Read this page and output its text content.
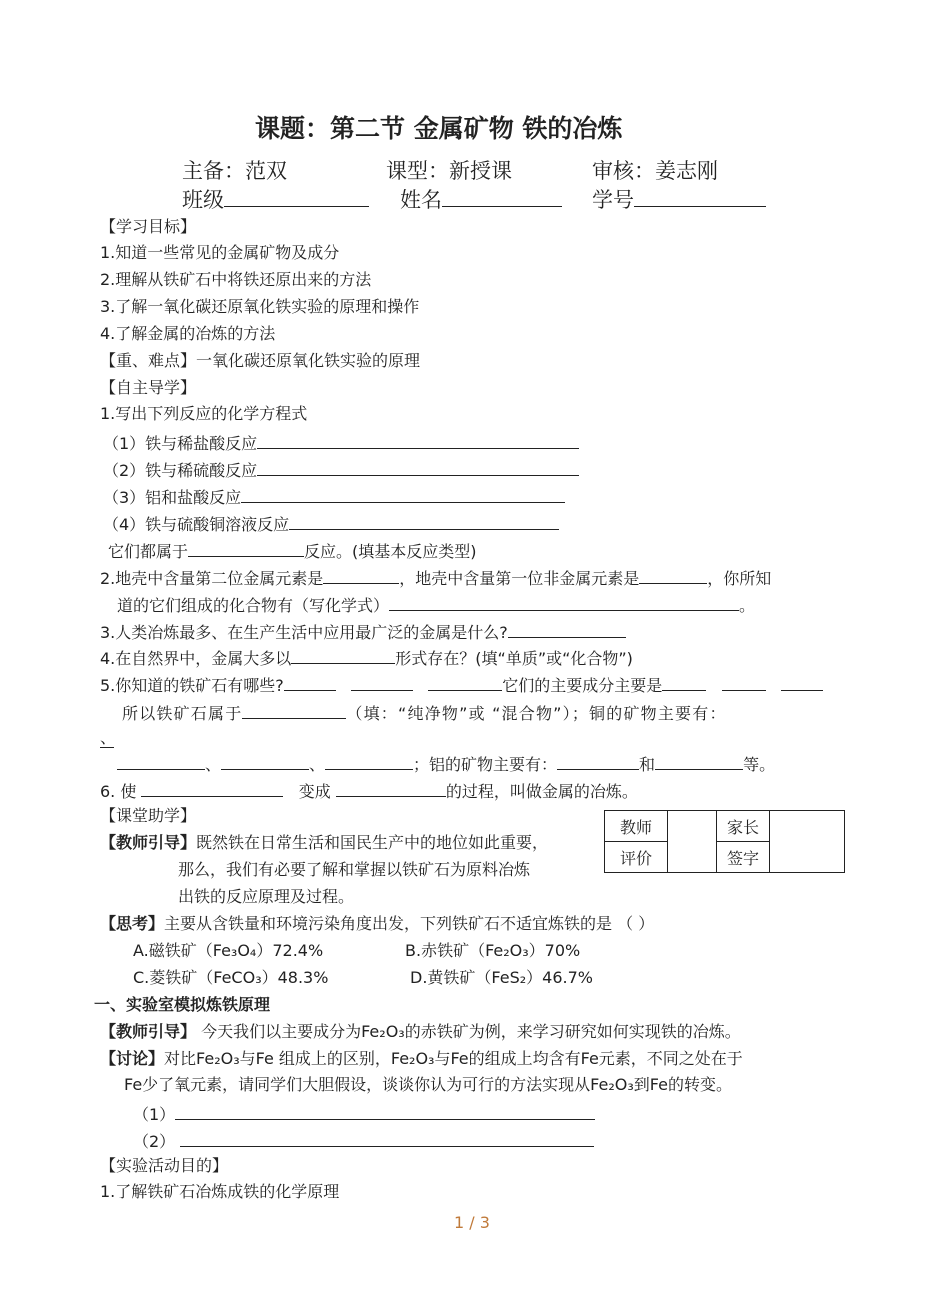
课题：第二节 金属矿物 铁的冶炼
主备：范双	课型：新授课	审核：姜志刚
班级	姓名	学号
【学习目标】
1.知道一些常见的金属矿物及成分
2.理解从铁矿石中将铁还原出来的方法
3.了解一氧化碳还原氧化铁实验的原理和操作
4.了解金属的冶炼的方法
【重、难点】一氧化碳还原氧化铁实验的原理
【自主导学】
1.写出下列反应的化学方程式
（1）铁与稀盐酸反应
（2）铁与稀硫酸反应
（3）铝和盐酸反应
（4）铁与硫酸铜溶液反应
它们都属于	反应。(填基本反应类型)
2.地壳中含量第二位金属元素是	，地壳中含量第一位非金属元素是	，你所知
道的它们组成的化合物有（写化学式）	。
3.人类冶炼最多、在生产生活中应用最广泛的金属是什么?
4.在自然界中，金属大多以	形式存在？(填“单质”或“化合物”)
5.你知道的铁矿石有哪些?	它们的主要成分主要是
所以铁矿石属于	（填：“纯净物”或 “混合物”）；铜的矿物主要有：
、
、	、	；铝的矿物主要有：	和	等。
6. 使	变成	的过程，叫做金属的冶炼。
【课堂助学】
【教师引导】既然铁在日常生活和国民生产中的地位如此重要，
那么，我们有必要了解和掌握以铁矿石为原料冶炼
出铁的反应原理及过程。
教师		家长	
评价		签字	
【思考】主要从含铁量和环境污染角度出发，下列铁矿石不适宜炼铁的是 （ ）
A.磁铁矿（Fe₃O₄）72.4%	B.赤铁矿（Fe₂O₃）70%
C.菱铁矿（FeCO₃）48.3%	D.黄铁矿（FeS₂）46.7%
一、实验室模拟炼铁原理
【教师引导】 今天我们以主要成分为Fe₂O₃的赤铁矿为例，来学习研究如何实现铁的冶炼。
【讨论】对比Fe₂O₃与Fe 组成上的区别，Fe₂O₃与Fe的组成上均含有Fe元素，不同之处在于
Fe少了氧元素，请同学们大胆假设，谈谈你认为可行的方法实现从Fe₂O₃到Fe的转变。
（1）
（2）
【实验活动目的】
1.了解铁矿石冶炼成铁的化学原理
1 / 3
